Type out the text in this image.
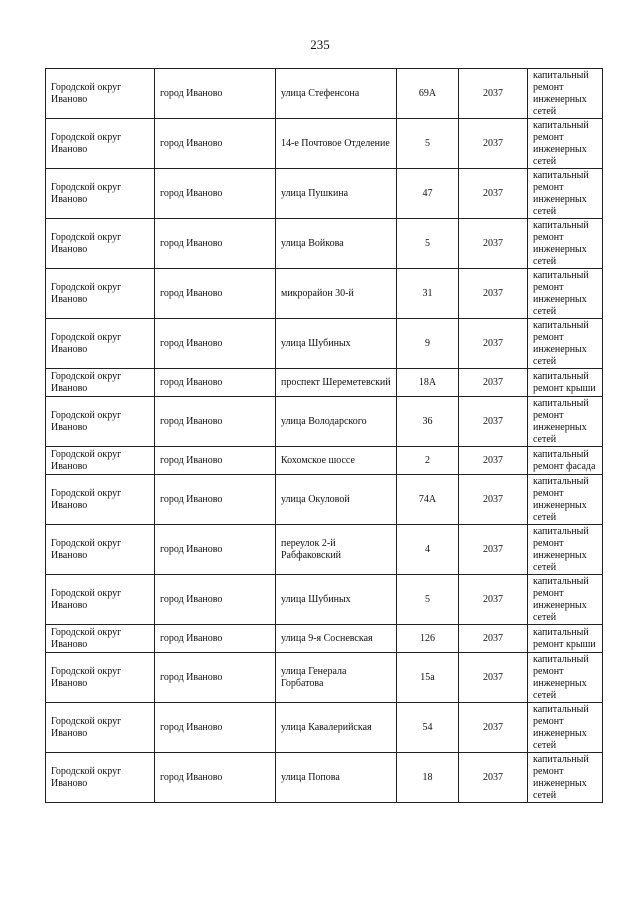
235
Городской округ Иваново	город Иваново	улица Стефенсона	69А	2037	капитальный ремонт инженерных сетей
Городской округ Иваново	город Иваново	14-е Почтовое Отделение	5	2037	капитальный ремонт инженерных сетей
Городской округ Иваново	город Иваново	улица Пушкина	47	2037	капитальный ремонт инженерных сетей
Городской округ Иваново	город Иваново	улица Войкова	5	2037	капитальный ремонт инженерных сетей
Городской округ Иваново	город Иваново	микрорайон 30-й	31	2037	капитальный ремонт инженерных сетей
Городской округ Иваново	город Иваново	улица Шубиных	9	2037	капитальный ремонт инженерных сетей
Городской округ Иваново	город Иваново	проспект Шереметевский	18А	2037	капитальный ремонт крыши
Городской округ Иваново	город Иваново	улица Володарского	36	2037	капитальный ремонт инженерных сетей
Городской округ Иваново	город Иваново	Кохомское шоссе	2	2037	капитальный ремонт фасада
Городской округ Иваново	город Иваново	улица Окуловой	74А	2037	капитальный ремонт инженерных сетей
Городской округ Иваново	город Иваново	переулок 2-й Рабфаковский	4	2037	капитальный ремонт инженерных сетей
Городской округ Иваново	город Иваново	улица Шубиных	5	2037	капитальный ремонт инженерных сетей
Городской округ Иваново	город Иваново	улица 9-я Сосневская	126	2037	капитальный ремонт крыши
Городской округ Иваново	город Иваново	улица Генерала Горбатова	15а	2037	капитальный ремонт инженерных сетей
Городской округ Иваново	город Иваново	улица Кавалерийская	54	2037	капитальный ремонт инженерных сетей
Городской округ Иваново	город Иваново	улица Попова	18	2037	капитальный ремонт инженерных сетей
